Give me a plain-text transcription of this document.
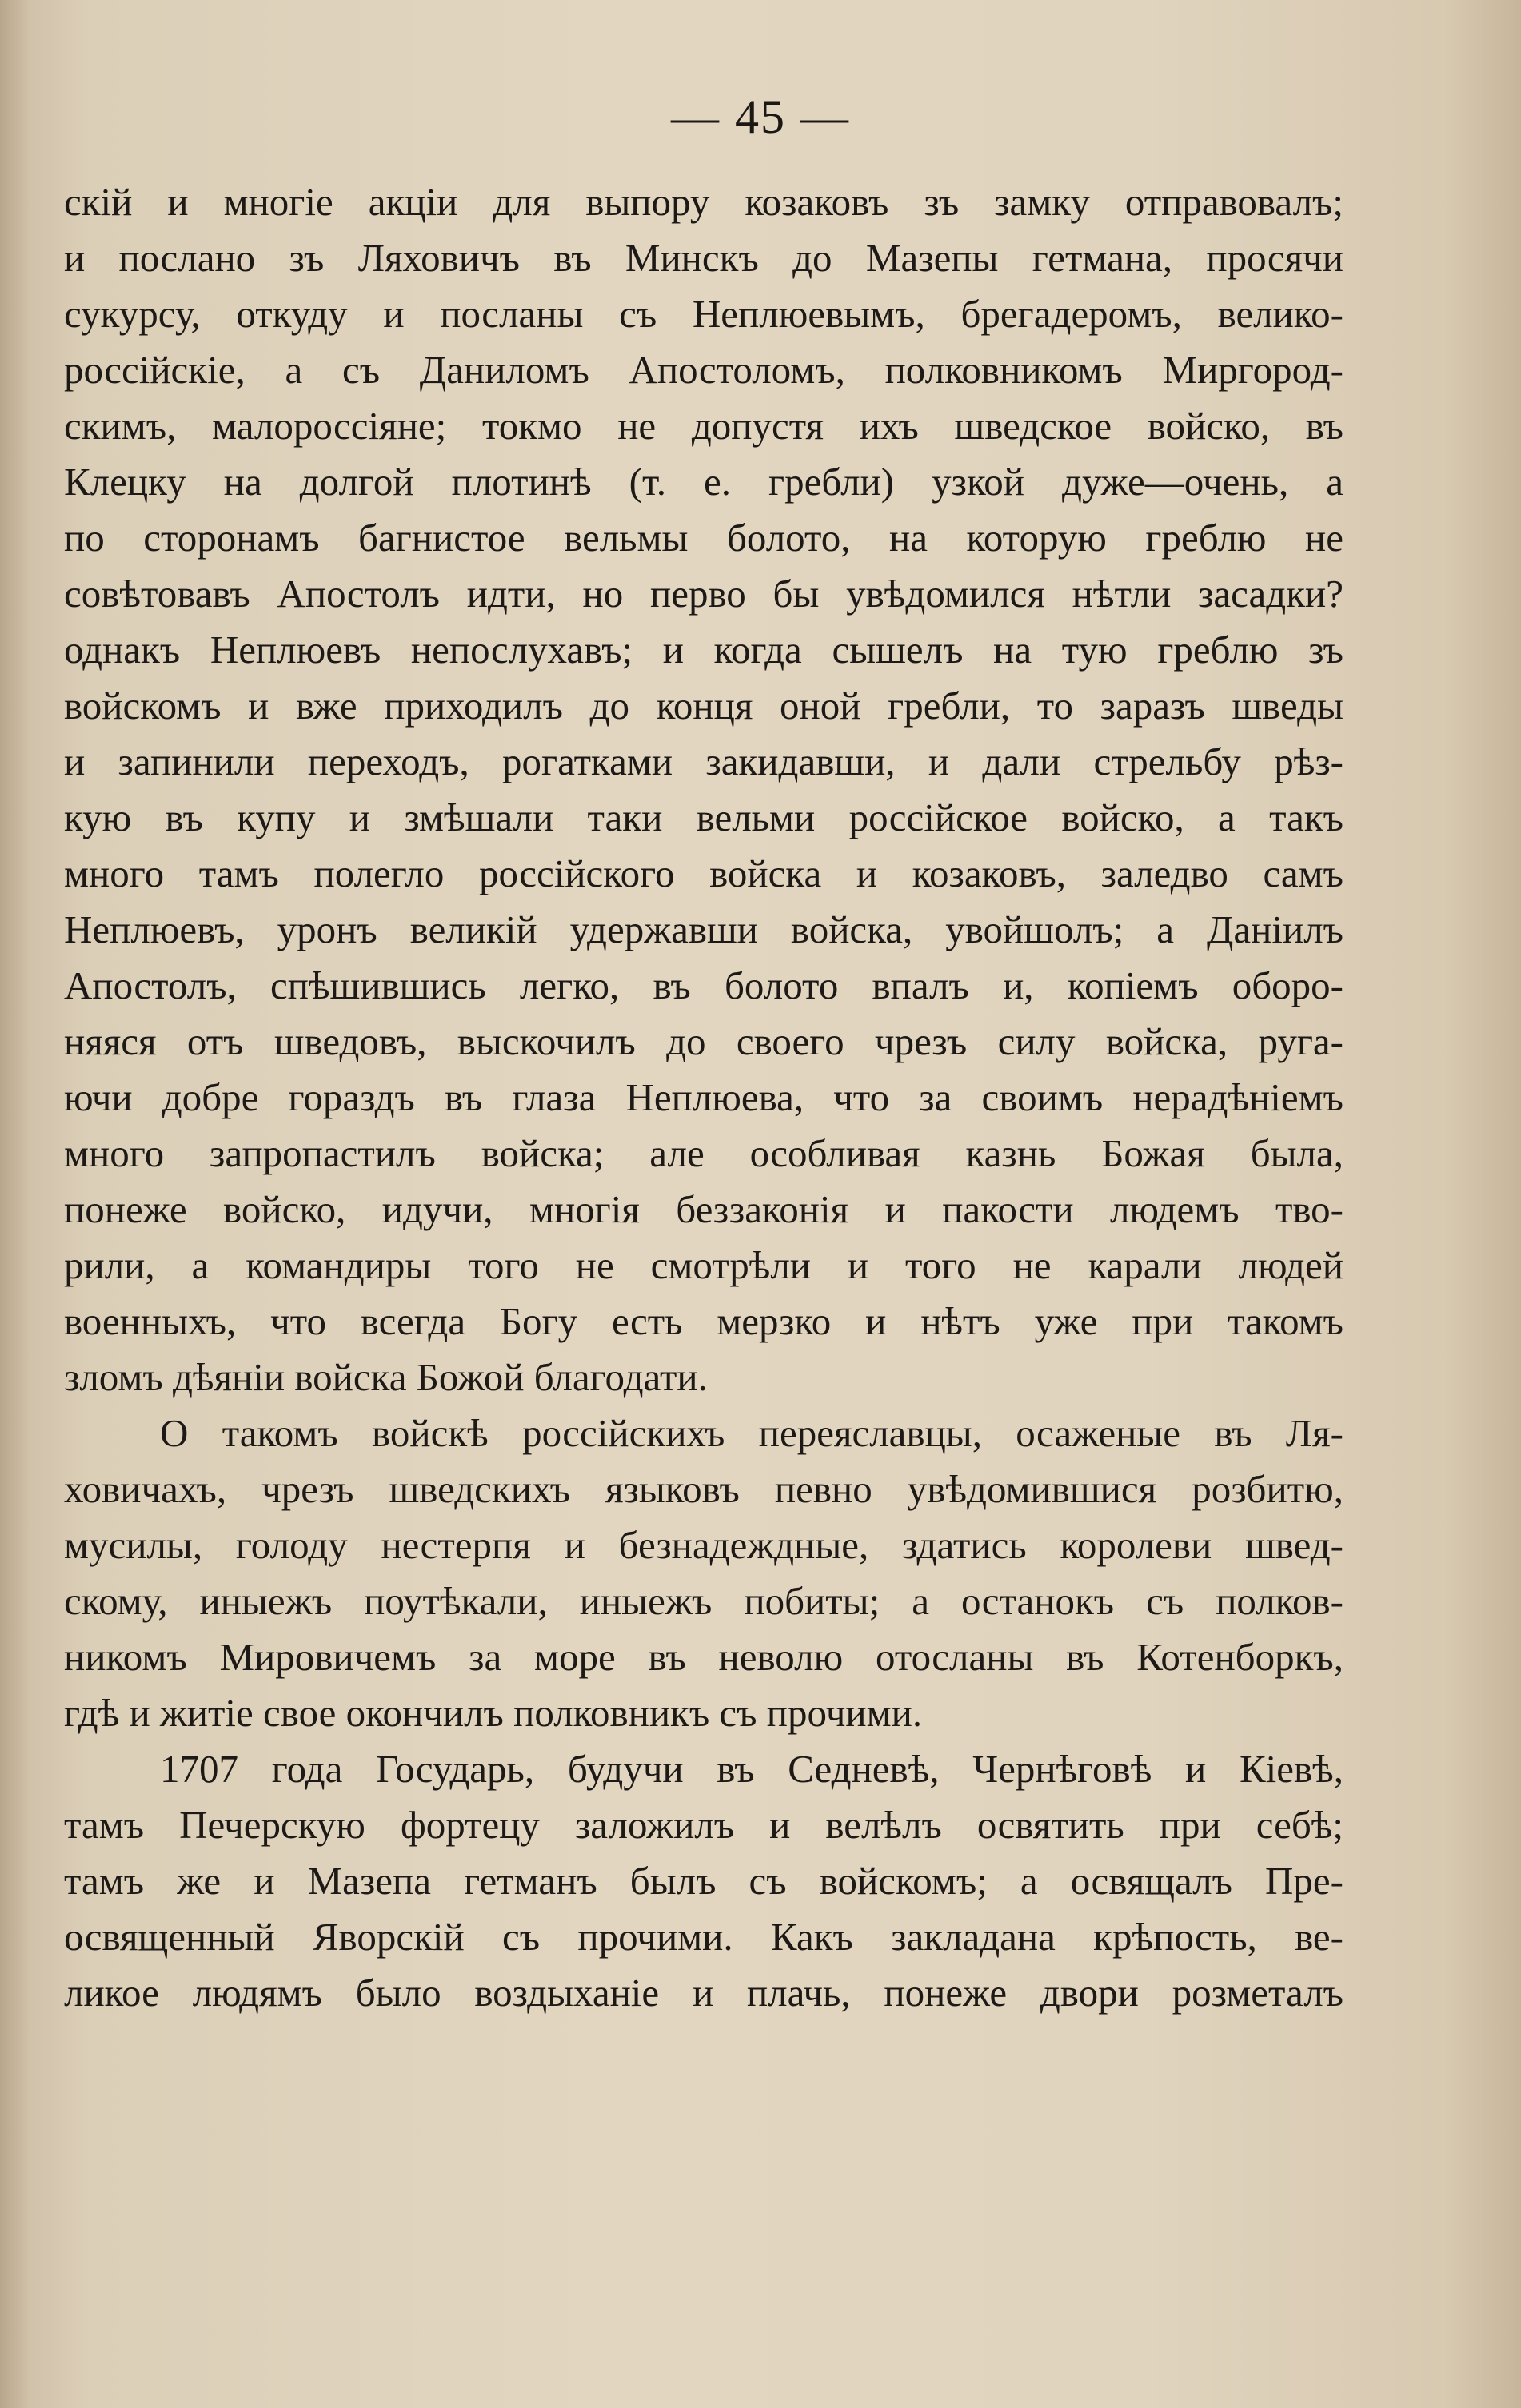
— 45 —
скій и многіе акціи для выпору козаковъ зъ замку отправовалъ;
и послано зъ Ляховичъ въ Минскъ до Мазепы гетмана, просячи
сукурсу, откуду и посланы съ Неплюевымъ, брегадеромъ, велико-
россійскіе, а съ Даниломъ Апостоломъ, полковникомъ Миргород-
скимъ, малороссіяне; токмо не допустя ихъ шведское войско, въ
Клецку на долгой плотинѣ (т. е. гребли) узкой дуже—очень, а
по сторонамъ багнистое вельмы болото, на которую греблю не
совѣтовавъ Апостолъ идти, но перво бы увѣдомился нѣтли засадки?
однакъ Неплюевъ непослухавъ; и когда сышелъ на тую греблю зъ
войскомъ и вже приходилъ до конця оной гребли, то заразъ шведы
и запинили переходъ, рогатками закидавши, и дали стрельбу рѣз-
кую въ купу и змѣшали таки вельми россійское войско, а такъ
много тамъ полегло россійского войска и козаковъ, заледво самъ
Неплюевъ, уронъ великій удержавши войска, увойшолъ; а Даніилъ
Апостолъ, спѣшившись легко, въ болото впалъ и, копіемъ оборо-
няяся отъ шведовъ, выскочилъ до своего чрезъ силу войска, руга-
ючи добре гораздъ въ глаза Неплюева, что за своимъ нерадѣніемъ
много запропастилъ войска; але особливая казнь Божая была,
понеже войско, идучи, многія беззаконія и пакости людемъ тво-
рили, а командиры того не смотрѣли и того не карали людей
военныхъ, что всегда Богу есть мерзко и нѣтъ уже при такомъ
зломъ дѣяніи войска Божой благодати.
О такомъ войскѣ россійскихъ переяславцы, осаженые въ Ля-
ховичахъ, чрезъ шведскихъ языковъ певно увѣдомившися розбитю,
мусилы, голоду нестерпя и безнадеждные, здатись королеви швед-
скому, иныежъ поутѣкали, иныежъ побиты; а останокъ съ полков-
никомъ Мировичемъ за море въ неволю отосланы въ Котенборкъ,
гдѣ и житіе свое окончилъ полковникъ съ прочими.
1707 года Государь, будучи въ Седневѣ, Чернѣговѣ и Кіевѣ,
тамъ Печерскую фортецу заложилъ и велѣлъ освятить при себѣ;
тамъ же и Мазепа гетманъ былъ съ войскомъ; а освящалъ Пре-
освященный Яворскій съ прочими. Какъ закладана крѣпость, ве-
ликое людямъ было воздыханіе и плачь, понеже двори розметалъ
